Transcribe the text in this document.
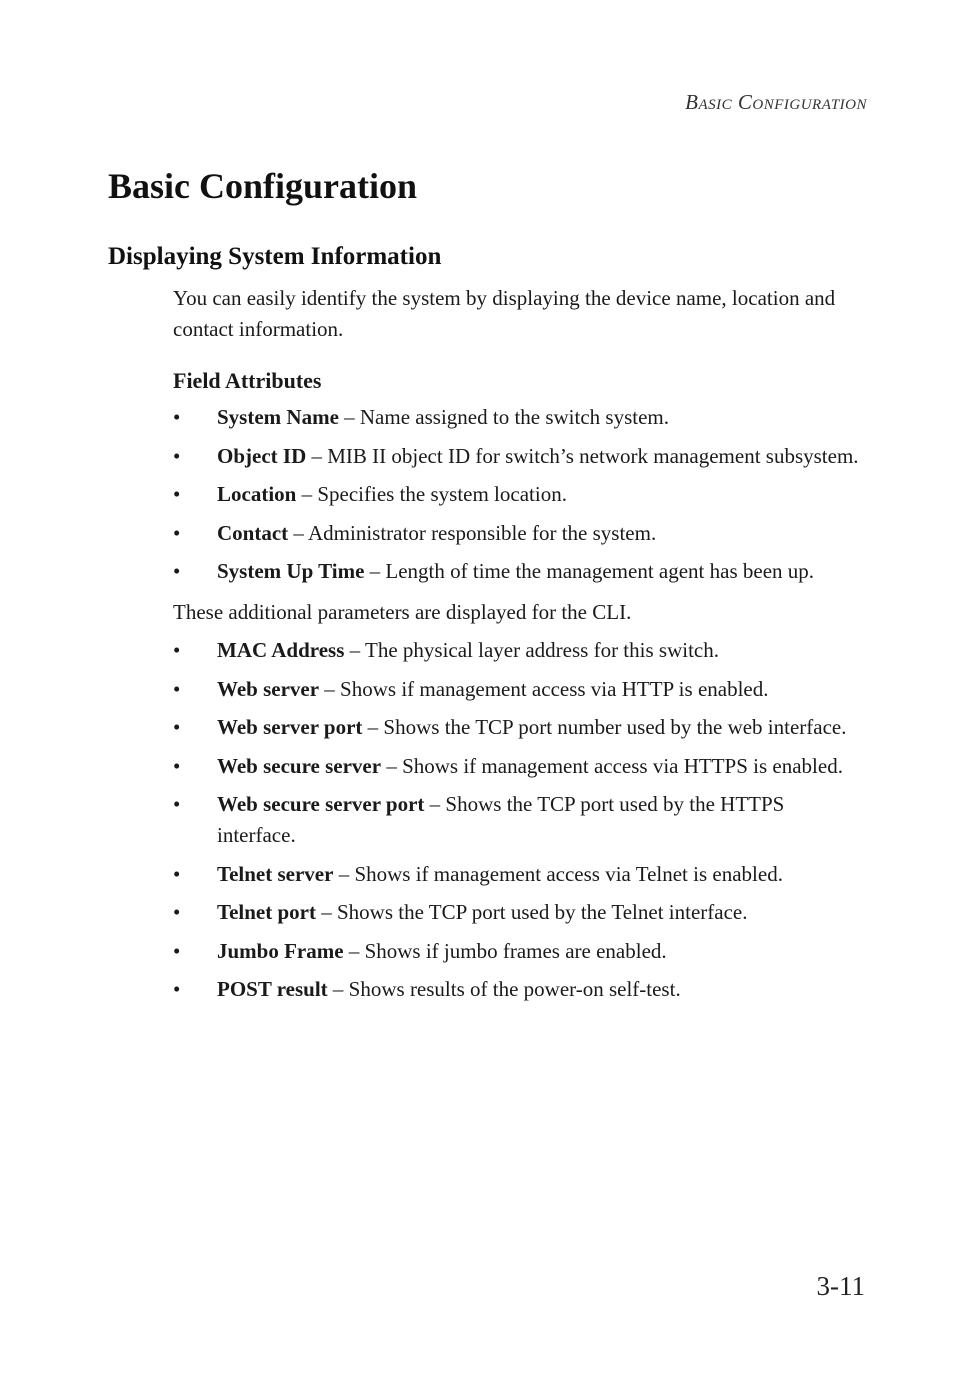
Basic Configuration
Basic Configuration
Displaying System Information

You can easily identify the system by displaying the device name, location and contact information.

Field Attributes
• System Name – Name assigned to the switch system.
• Object ID – MIB II object ID for switch’s network management subsystem.
• Location – Specifies the system location.
• Contact – Administrator responsible for the system.
• System Up Time – Length of time the management agent has been up.

These additional parameters are displayed for the CLI.

• MAC Address – The physical layer address for this switch.
• Web server – Shows if management access via HTTP is enabled.
• Web server port – Shows the TCP port number used by the web interface.
• Web secure server – Shows if management access via HTTPS is enabled.
• Web secure server port – Shows the TCP port used by the HTTPS interface.
• Telnet server – Shows if management access via Telnet is enabled.
• Telnet port – Shows the TCP port used by the Telnet interface.
• Jumbo Frame – Shows if jumbo frames are enabled.
• POST result – Shows results of the power-on self-test.
3-11
